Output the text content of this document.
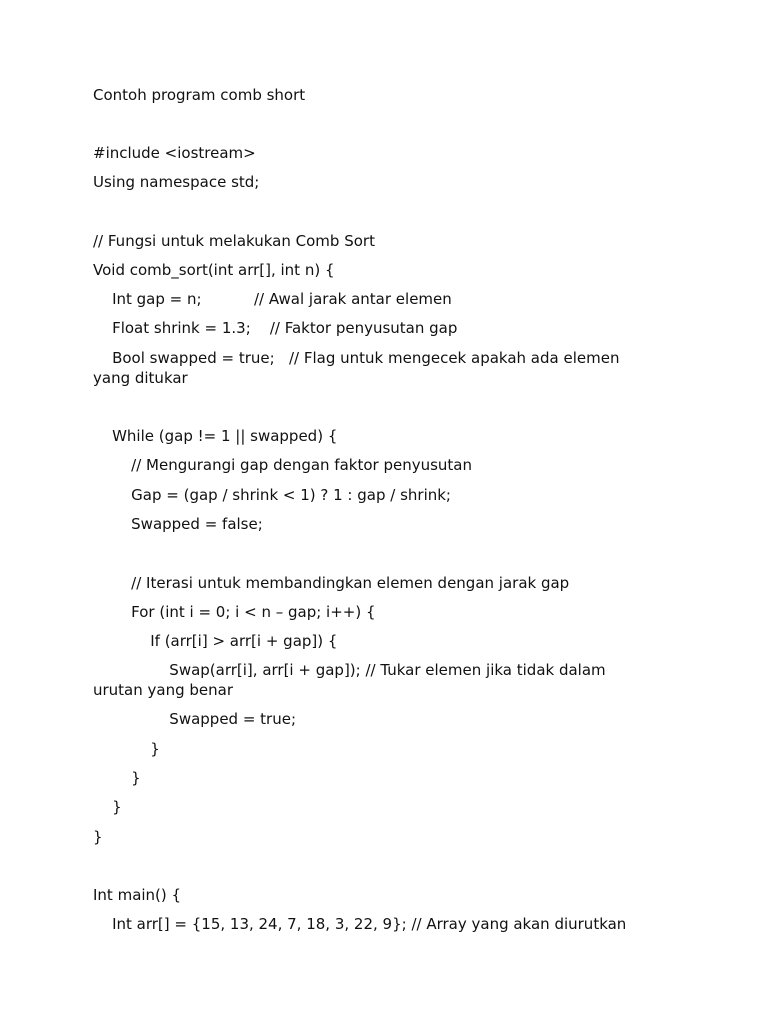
Contoh program comb short

#include <iostream>

Using namespace std;

// Fungsi untuk melakukan Comb Sort

Void comb_sort(int arr[], int n) {

Int gap = n;           // Awal jarak antar elemen

Float shrink = 1.3;    // Faktor penyusutan gap

Bool swapped = true;   // Flag untuk mengecek apakah ada elemen yang ditukar

While (gap != 1 || swapped) {

// Mengurangi gap dengan faktor penyusutan

Gap = (gap / shrink < 1) ? 1 : gap / shrink;

Swapped = false;

// Iterasi untuk membandingkan elemen dengan jarak gap

For (int i = 0; i < n – gap; i++) {

If (arr[i] > arr[i + gap]) {

Swap(arr[i], arr[i + gap]); // Tukar elemen jika tidak dalam urutan yang benar

Swapped = true;

}

}

}

}

Int main() {

Int arr[] = {15, 13, 24, 7, 18, 3, 22, 9}; // Array yang akan diurutkan
